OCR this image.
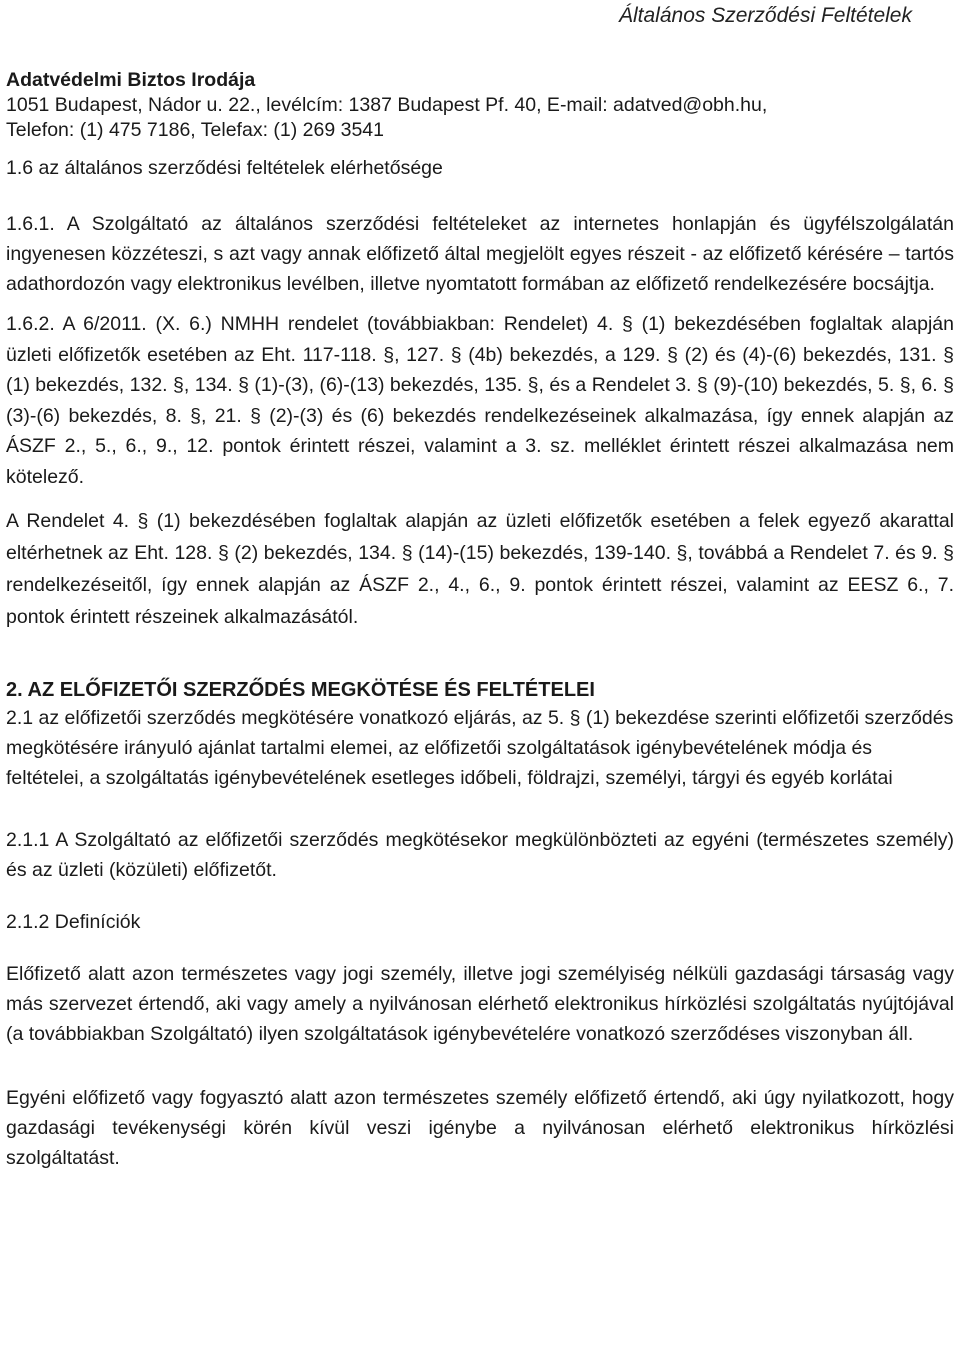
Általános Szerződési Feltételek

Adatvédelmi Biztos Irodája

1051 Budapest, Nádor u. 22., levélcím: 1387 Budapest Pf. 40, E-mail: adatved@obh.hu,

Telefon: (1) 475 7186, Telefax: (1) 269 3541

1.6 az általános szerződési feltételek elérhetősége

1.6.1. A Szolgáltató az általános szerződési feltételeket az internetes honlapján és ügyfélszolgálatán ingyenesen közzéteszi, s azt vagy annak előfizető által megjelölt egyes részeit - az előfizető kérésére – tartós adathordozón vagy elektronikus levélben, illetve nyomtatott formában az előfizető rendelkezésére bocsájtja.

1.6.2. A 6/2011. (X. 6.) NMHH rendelet (továbbiakban: Rendelet) 4. § (1) bekezdésében foglaltak alapján üzleti előfizetők esetében az Eht. 117-118. §, 127. § (4b) bekezdés, a 129. § (2) és (4)-(6) bekezdés, 131. § (1) bekezdés, 132. §, 134. § (1)-(3), (6)-(13) bekezdés, 135. §, és a Rendelet 3. § (9)-(10) bekezdés, 5. §, 6. § (3)-(6) bekezdés, 8. §, 21. § (2)-(3) és (6) bekezdés rendelkezéseinek alkalmazása, így ennek alapján az ÁSZF 2., 5., 6., 9., 12. pontok érintett részei, valamint a 3. sz. melléklet érintett részei alkalmazása nem kötelező.

A Rendelet 4. § (1) bekezdésében foglaltak alapján az üzleti előfizetők esetében a felek egyező akarattal eltérhetnek az Eht. 128. § (2) bekezdés, 134. § (14)-(15) bekezdés, 139-140. §, továbbá a Rendelet 7. és 9. § rendelkezéseitől, így ennek alapján az ÁSZF 2., 4., 6., 9. pontok érintett részei, valamint az EESZ 6., 7. pontok érintett részeinek alkalmazásától.

2. AZ ELŐFIZETŐI SZERZŐDÉS MEGKÖTÉSE ÉS FELTÉTELEI

2.1 az előfizetői szerződés megkötésére vonatkozó eljárás, az 5. § (1) bekezdése szerinti előfizetői szerződés megkötésére irányuló ajánlat tartalmi elemei, az előfizetői szolgáltatások igénybevételének módja és feltételei, a szolgáltatás igénybevételének esetleges időbeli, földrajzi, személyi, tárgyi és egyéb korlátai

2.1.1 A Szolgáltató az előfizetői szerződés megkötésekor megkülönbözteti az egyéni (természetes személy) és az üzleti (közületi) előfizetőt.

2.1.2 Definíciók

Előfizető alatt azon természetes vagy jogi személy, illetve jogi személyiség nélküli gazdasági társaság vagy más szervezet értendő, aki vagy amely a nyilvánosan elérhető elektronikus hírközlési szolgáltatás nyújtójával (a továbbiakban Szolgáltató) ilyen szolgáltatások igénybevételére vonatkozó szerződéses viszonyban áll.

Egyéni előfizető vagy fogyasztó alatt azon természetes személy előfizető értendő, aki úgy nyilatkozott, hogy gazdasági tevékenységi körén kívül veszi igénybe a nyilvánosan elérhető elektronikus hírközlési szolgáltatást.
